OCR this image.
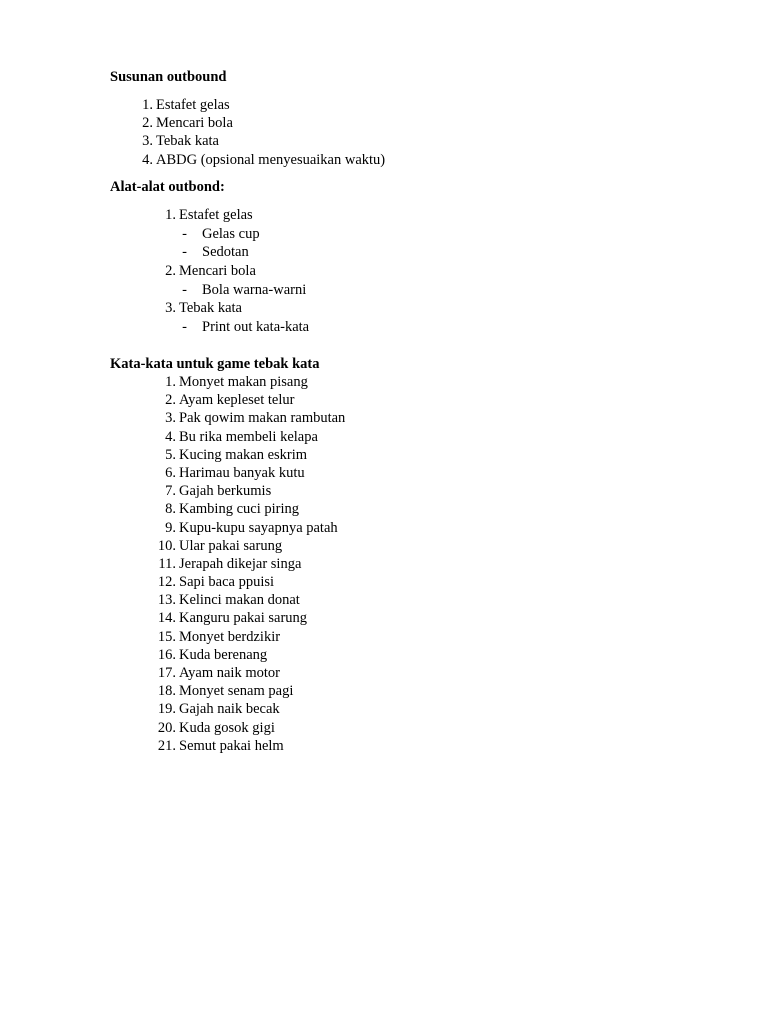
Susunan outbound
1. Estafet gelas
2. Mencari bola
3. Tebak kata
4. ABDG (opsional menyesuaikan waktu)
Alat-alat outbond:
1. Estafet gelas
- Gelas cup
- Sedotan
2. Mencari bola
- Bola warna-warni
3. Tebak kata
- Print out kata-kata
Kata-kata untuk game tebak kata
1. Monyet makan pisang
2. Ayam kepleset telur
3. Pak qowim makan rambutan
4. Bu rika membeli kelapa
5. Kucing makan eskrim
6. Harimau banyak kutu
7. Gajah berkumis
8. Kambing cuci piring
9. Kupu-kupu sayapnya patah
10. Ular pakai sarung
11. Jerapah dikejar singa
12. Sapi baca ppuisi
13. Kelinci makan donat
14. Kanguru pakai sarung
15. Monyet berdzikir
16. Kuda berenang
17. Ayam naik motor
18. Monyet senam pagi
19. Gajah naik becak
20. Kuda gosok gigi
21. Semut pakai helm
